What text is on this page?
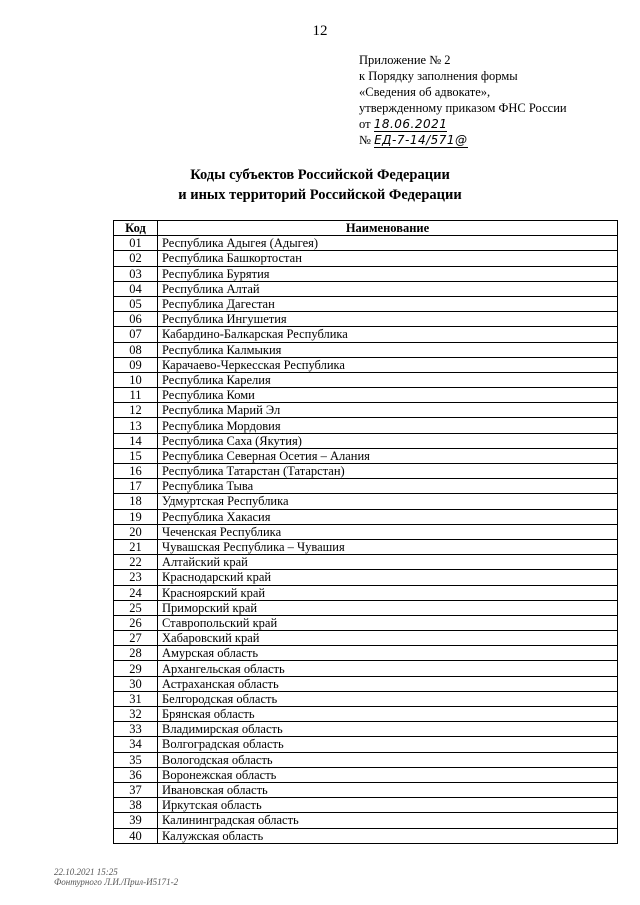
12
Приложение № 2
к Порядку заполнения формы
«Сведения об адвокате»,
утвержденному приказом ФНС России
от 18.06.2021
№ ЕД-7-14/571@
Коды субъектов Российской Федерации
и иных территорий Российской Федерации
Код	Наименование
01	Республика Адыгея (Адыгея)
02	Республика Башкортостан
03	Республика Бурятия
04	Республика Алтай
05	Республика Дагестан
06	Республика Ингушетия
07	Кабардино-Балкарская Республика
08	Республика Калмыкия
09	Карачаево-Черкесская Республика
10	Республика Карелия
11	Республика Коми
12	Республика Марий Эл
13	Республика Мордовия
14	Республика Саха (Якутия)
15	Республика Северная Осетия – Алания
16	Республика Татарстан (Татарстан)
17	Республика Тыва
18	Удмуртская Республика
19	Республика Хакасия
20	Чеченская Республика
21	Чувашская Республика – Чувашия
22	Алтайский край
23	Краснодарский край
24	Красноярский край
25	Приморский край
26	Ставропольский край
27	Хабаровский край
28	Амурская область
29	Архангельская область
30	Астраханская область
31	Белгородская область
32	Брянская область
33	Владимирская область
34	Волгоградская область
35	Вологодская область
36	Воронежская область
37	Ивановская область
38	Иркутская область
39	Калининградская область
40	Калужская область
22.10.2021 15:25
Фонтурного Л.И./Прил-И5171-2
